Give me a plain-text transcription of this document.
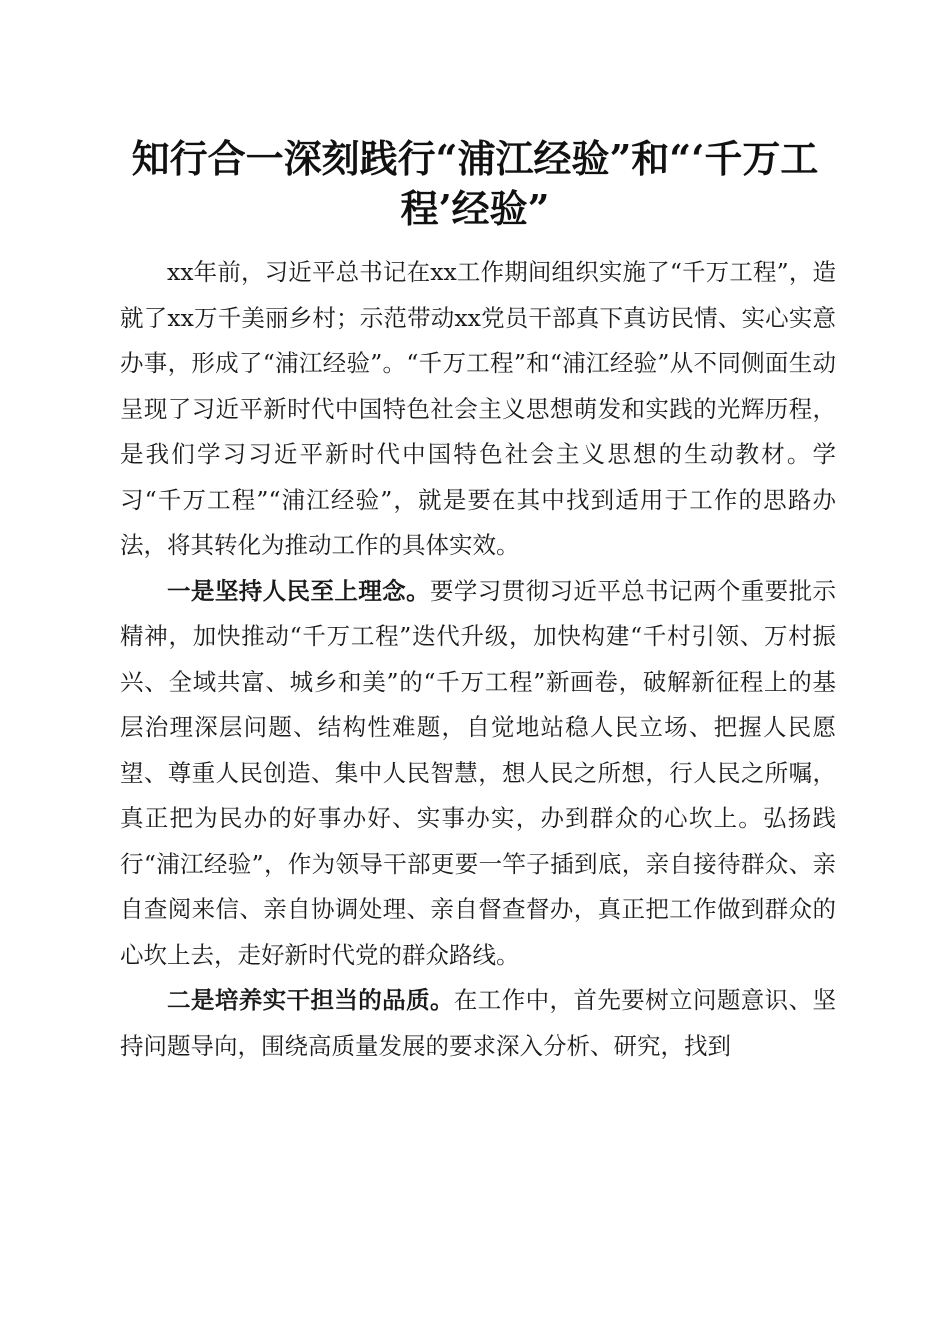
知行合一深刻践行“浦江经验”和“‘千万工
程’经验”

xx年前，习近平总书记在xx工作期间组织实施了“千万工程”，造就了xx万千美丽乡村；示范带动xx党员干部真下真访民情、实心实意办事，形成了“浦江经验”。“千万工程”和“浦江经验”从不同侧面生动呈现了习近平新时代中国特色社会主义思想萌发和实践的光辉历程，是我们学习习近平新时代中国特色社会主义思想的生动教材。学习“千万工程”“浦江经验”，就是要在其中找到适用于工作的思路办法，将其转化为推动工作的具体实效。

一是坚持人民至上理念。要学习贯彻习近平总书记两个重要批示精神，加快推动“千万工程”迭代升级，加快构建“千村引领、万村振兴、全域共富、城乡和美”的“千万工程”新画卷，破解新征程上的基层治理深层问题、结构性难题，自觉地站稳人民立场、把握人民愿望、尊重人民创造、集中人民智慧，想人民之所想，行人民之所嘱，真正把为民办的好事办好、实事办实，办到群众的心坎上。弘扬践行“浦江经验”，作为领导干部更要一竿子插到底，亲自接待群众、亲自查阅来信、亲自协调处理、亲自督查督办，真正把工作做到群众的心坎上去，走好新时代党的群众路线。

二是培养实干担当的品质。在工作中，首先要树立问题意识、坚持问题导向，围绕高质量发展的要求深入分析、研究，找到
